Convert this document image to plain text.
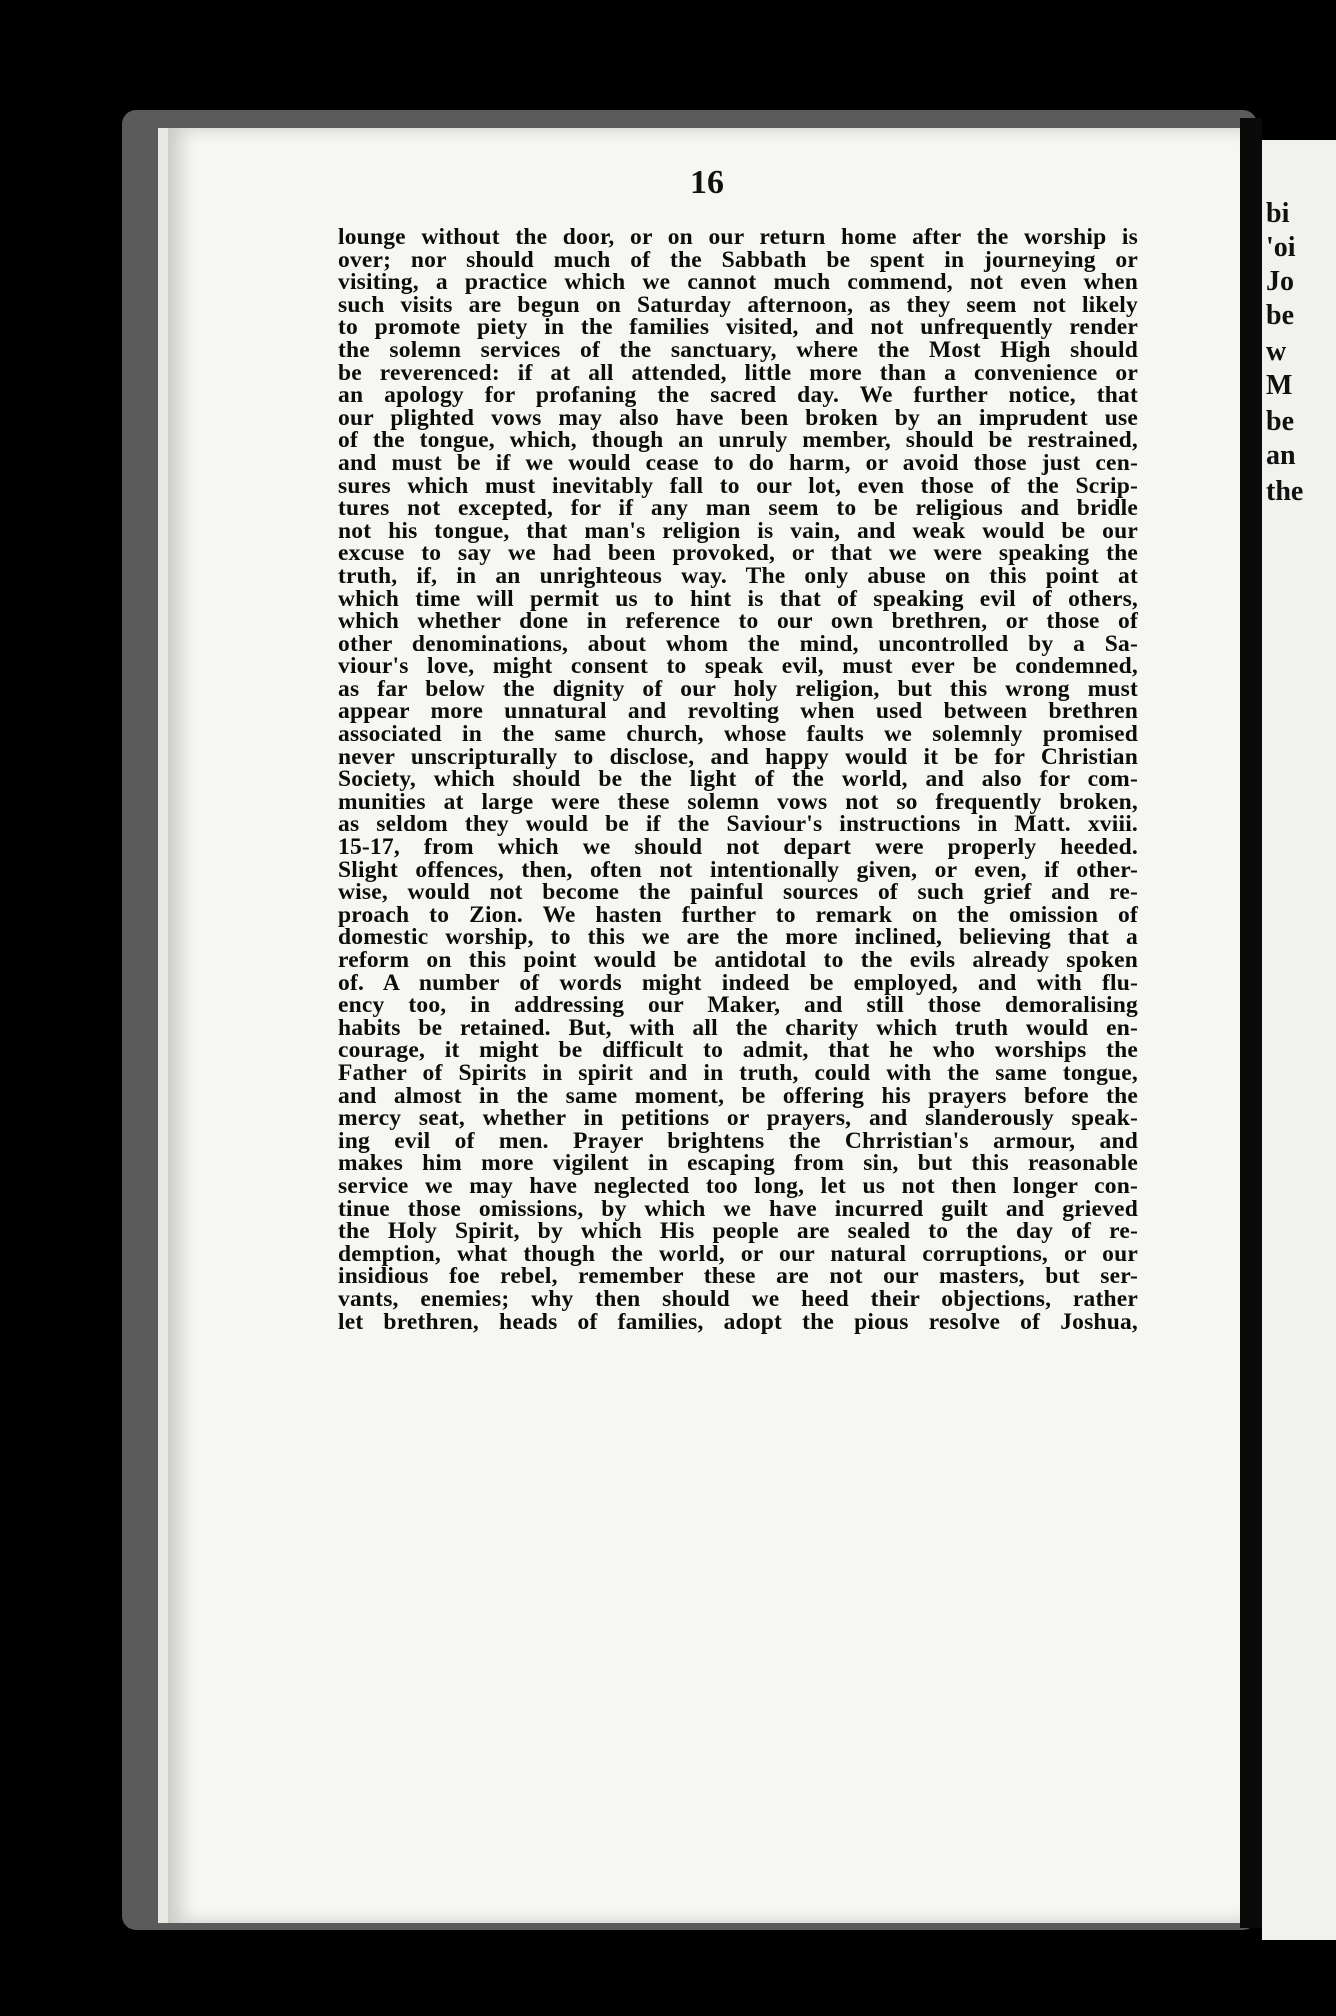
16
lounge without the door, or on our return home after the worship is
over; nor should much of the Sabbath be spent in journeying or
visiting, a practice which we cannot much commend, not even when
such visits are begun on Saturday afternoon, as they seem not likely
to promote piety in the families visited, and not unfrequently render
the solemn services of the sanctuary, where the Most High should
be reverenced: if at all attended, little more than a convenience or
an apology for profaning the sacred day. We further notice, that
our plighted vows may also have been broken by an imprudent use
of the tongue, which, though an unruly member, should be restrained,
and must be if we would cease to do harm, or avoid those just cen-
sures which must inevitably fall to our lot, even those of the Scrip-
tures not excepted, for if any man seem to be religious and bridle
not his tongue, that man's religion is vain, and weak would be our
excuse to say we had been provoked, or that we were speaking the
truth, if, in an unrighteous way. The only abuse on this point at
which time will permit us to hint is that of speaking evil of others,
which whether done in reference to our own brethren, or those of
other denominations, about whom the mind, uncontrolled by a Sa-
viour's love, might consent to speak evil, must ever be condemned,
as far below the dignity of our holy religion, but this wrong must
appear more unnatural and revolting when used between brethren
associated in the same church, whose faults we solemnly promised
never unscripturally to disclose, and happy would it be for Christian
Society, which should be the light of the world, and also for com-
munities at large were these solemn vows not so frequently broken,
as seldom they would be if the Saviour's instructions in Matt. xviii.
15-17, from which we should not depart were properly heeded.
Slight offences, then, often not intentionally given, or even, if other-
wise, would not become the painful sources of such grief and re-
proach to Zion. We hasten further to remark on the omission of
domestic worship, to this we are the more inclined, believing that a
reform on this point would be antidotal to the evils already spoken
of. A number of words might indeed be employed, and with flu-
ency too, in addressing our Maker, and still those demoralising
habits be retained. But, with all the charity which truth would en-
courage, it might be difficult to admit, that he who worships the
Father of Spirits in spirit and in truth, could with the same tongue,
and almost in the same moment, be offering his prayers before the
mercy seat, whether in petitions or prayers, and slanderously speak-
ing evil of men. Prayer brightens the Chrristian's armour, and
makes him more vigilent in escaping from sin, but this reasonable
service we may have neglected too long, let us not then longer con-
tinue those omissions, by which we have incurred guilt and grieved
the Holy Spirit, by which His people are sealed to the day of re-
demption, what though the world, or our natural corruptions, or our
insidious foe rebel, remember these are not our masters, but ser-
vants, enemies; why then should we heed their objections, rather
let brethren, heads of families, adopt the pious resolve of Joshua,
bi
'oi
Jo
be
w
M
be
an
the
